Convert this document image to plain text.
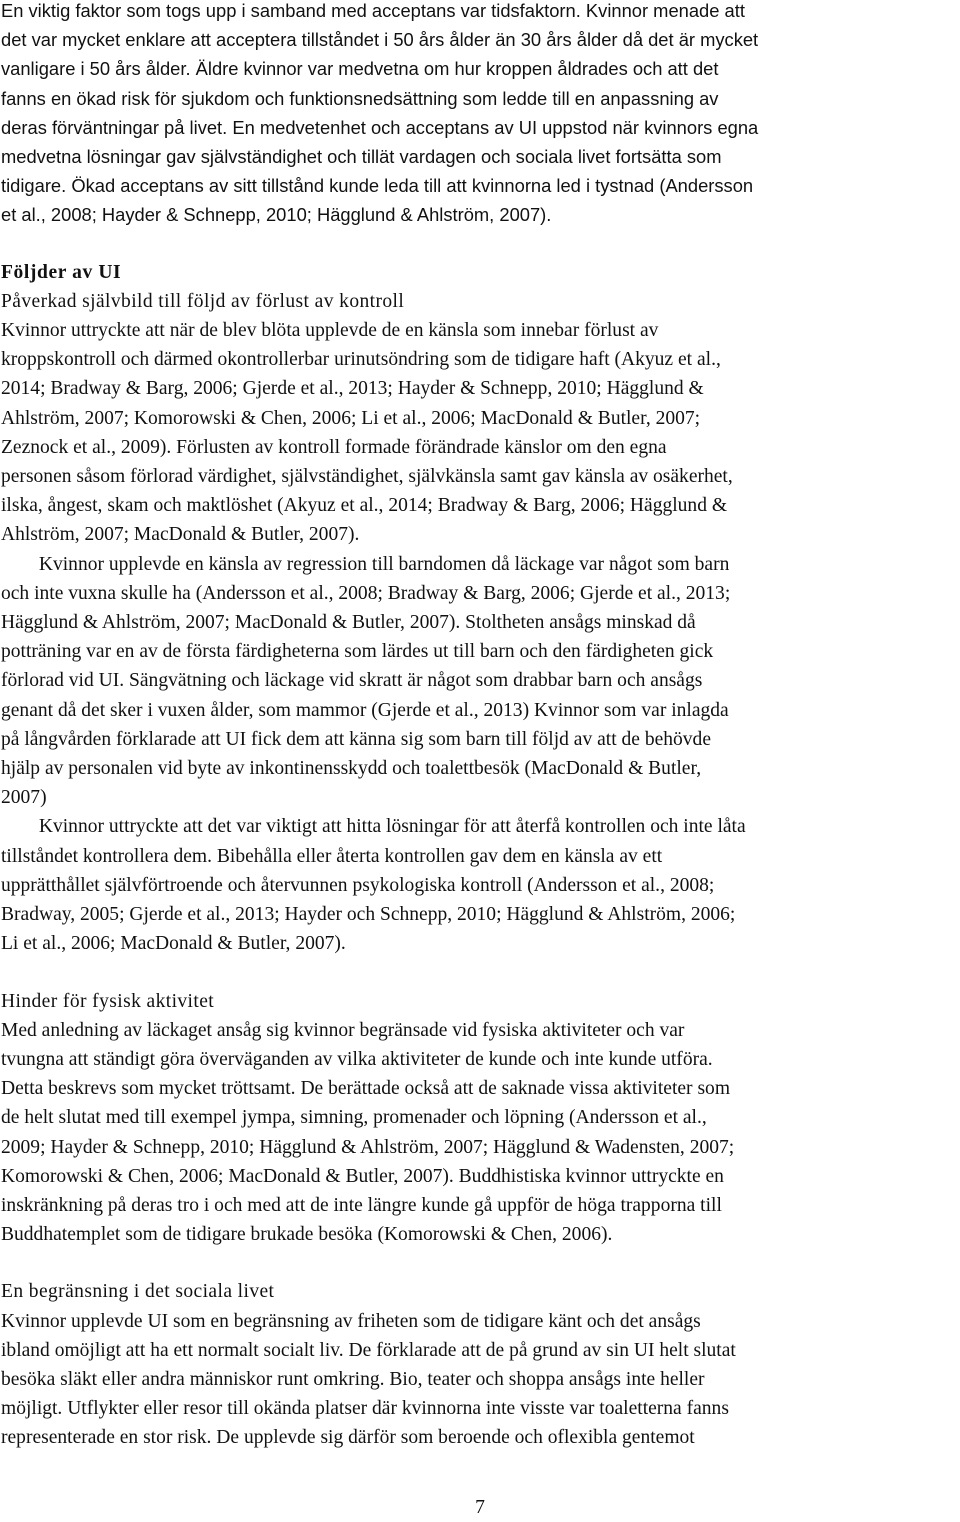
En viktig faktor som togs upp i samband med acceptans var tidsfaktorn. Kvinnor menade att
det var mycket enklare att acceptera tillståndet i 50 års ålder än 30 års ålder då det är mycket
vanligare i 50 års ålder. Äldre kvinnor var medvetna om hur kroppen åldrades och att det
fanns en ökad risk för sjukdom och funktionsnedsättning som ledde till en anpassning av
deras förväntningar på livet. En medvetenhet och acceptans av UI uppstod när kvinnors egna
medvetna lösningar gav självständighet och tillät vardagen och sociala livet fortsätta som
tidigare. Ökad acceptans av sitt tillstånd kunde leda till att kvinnorna led i tystnad (Andersson
et al., 2008; Hayder & Schnepp, 2010; Hägglund & Ahlström, 2007).

Följder av UI
Påverkad självbild till följd av förlust av kontroll

Kvinnor uttryckte att när de blev blöta upplevde de en känsla som innebar förlust av
kroppskontroll och därmed okontrollerbar urinutsöndring som de tidigare haft (Akyuz et al.,
2014; Bradway & Barg, 2006; Gjerde et al., 2013; Hayder & Schnepp, 2010; Hägglund &
Ahlström, 2007; Komorowski & Chen, 2006; Li et al., 2006; MacDonald & Butler, 2007;
Zeznock et al., 2009). Förlusten av kontroll formade förändrade känslor om den egna
personen såsom förlorad värdighet, självständighet, självkänsla samt gav känsla av osäkerhet,
ilska, ångest, skam och maktlöshet (Akyuz et al., 2014; Bradway & Barg, 2006; Hägglund &
Ahlström, 2007; MacDonald & Butler, 2007).

Kvinnor upplevde en känsla av regression till barndomen då läckage var något som barn
och inte vuxna skulle ha (Andersson et al., 2008; Bradway & Barg, 2006; Gjerde et al., 2013;
Hägglund & Ahlström, 2007; MacDonald & Butler, 2007). Stoltheten ansågs minskad då
potträning var en av de första färdigheterna som lärdes ut till barn och den färdigheten gick
förlorad vid UI. Sängvätning och läckage vid skratt är något som drabbar barn och ansågs
genant då det sker i vuxen ålder, som mammor (Gjerde et al., 2013) Kvinnor som var inlagda
på långvården förklarade att UI fick dem att känna sig som barn till följd av att de behövde
hjälp av personalen vid byte av inkontinensskydd och toalettbesök (MacDonald & Butler,
2007)

Kvinnor uttryckte att det var viktigt att hitta lösningar för att återfå kontrollen och inte låta
tillståndet kontrollera dem. Bibehålla eller återta kontrollen gav dem en känsla av ett
upprätthållet självförtroende och återvunnen psykologiska kontroll (Andersson et al., 2008;
Bradway, 2005; Gjerde et al., 2013; Hayder och Schnepp, 2010; Hägglund & Ahlström, 2006;
Li et al., 2006; MacDonald & Butler, 2007).

Hinder för fysisk aktivitet

Med anledning av läckaget ansåg sig kvinnor begränsade vid fysiska aktiviteter och var
tvungna att ständigt göra överväganden av vilka aktiviteter de kunde och inte kunde utföra.
Detta beskrevs som mycket tröttsamt. De berättade också att de saknade vissa aktiviteter som
de helt slutat med till exempel jympa, simning, promenader och löpning (Andersson et al.,
2009; Hayder & Schnepp, 2010; Hägglund & Ahlström, 2007; Hägglund & Wadensten, 2007;
Komorowski & Chen, 2006; MacDonald & Butler, 2007). Buddhistiska kvinnor uttryckte en
inskränkning på deras tro i och med att de inte längre kunde gå uppför de höga trapporna till
Buddhatemplet som de tidigare brukade besöka (Komorowski & Chen, 2006).

En begränsning i det sociala livet

Kvinnor upplevde UI som en begränsning av friheten som de tidigare känt och det ansågs
ibland omöjligt att ha ett normalt socialt liv. De förklarade att de på grund av sin UI helt slutat
besöka släkt eller andra människor runt omkring. Bio, teater och shoppa ansågs inte heller
möjligt. Utflykter eller resor till okända platser där kvinnorna inte visste var toaletterna fanns
representerade en stor risk. De upplevde sig därför som beroende och oflexibla gentemot

7
